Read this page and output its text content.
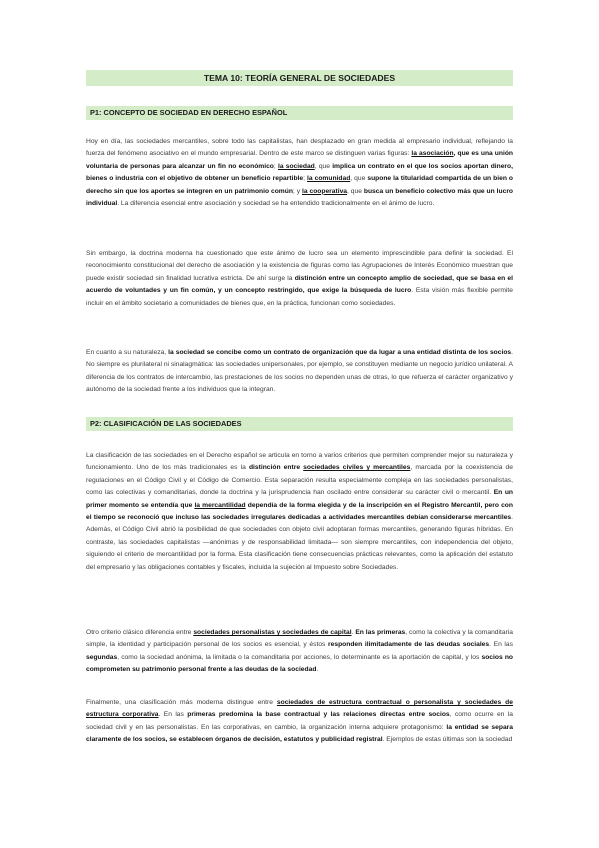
TEMA 10: TEORÍA GENERAL DE SOCIEDADES
P1: CONCEPTO DE SOCIEDAD EN DERECHO ESPAÑOL

Hoy en día, las sociedades mercantiles, sobre todo las capitalistas, han desplazado en gran medida al empresario individual, reflejando la fuerza del fenómeno asociativo en el mundo empresarial. Dentro de este marco se distinguen varias figuras: la asociación, que es una unión voluntaria de personas para alcanzar un fin no económico; la sociedad, que implica un contrato en el que los socios aportan dinero, bienes o industria con el objetivo de obtener un beneficio repartible; la comunidad, que supone la titularidad compartida de un bien o derecho sin que los aportes se integren en un patrimonio común; y la cooperativa, que busca un beneficio colectivo más que un lucro individual. La diferencia esencial entre asociación y sociedad se ha entendido tradicionalmente en el ánimo de lucro.

Sin embargo, la doctrina moderna ha cuestionado que este ánimo de lucro sea un elemento imprescindible para definir la sociedad. El reconocimiento constitucional del derecho de asociación y la existencia de figuras como las Agrupaciones de Interés Económico muestran que puede existir sociedad sin finalidad lucrativa estricta. De ahí surge la distinción entre un concepto amplio de sociedad, que se basa en el acuerdo de voluntades y un fin común, y un concepto restringido, que exige la búsqueda de lucro. Esta visión más flexible permite incluir en el ámbito societario a comunidades de bienes que, en la práctica, funcionan como sociedades.

En cuanto a su naturaleza, la sociedad se concibe como un contrato de organización que da lugar a una entidad distinta de los socios. No siempre es plurilateral ni sinalagmática: las sociedades unipersonales, por ejemplo, se constituyen mediante un negocio jurídico unilateral. A diferencia de los contratos de intercambio, las prestaciones de los socios no dependen unas de otras, lo que refuerza el carácter organizativo y autónomo de la sociedad frente a los individuos que la integran.

P2: CLASIFICACIÓN DE LAS SOCIEDADES

La clasificación de las sociedades en el Derecho español se articula en torno a varios criterios que permiten comprender mejor su naturaleza y funcionamiento. Uno de los más tradicionales es la distinción entre sociedades civiles y mercantiles, marcada por la coexistencia de regulaciones en el Código Civil y el Código de Comercio. Esta separación resulta especialmente compleja en las sociedades personalistas, como las colectivas y comanditarias, donde la doctrina y la jurisprudencia han oscilado entre considerar su carácter civil o mercantil. En un primer momento se entendía que la mercantilidad dependía de la forma elegida y de la inscripción en el Registro Mercantil, pero con el tiempo se reconoció que incluso las sociedades irregulares dedicadas a actividades mercantiles debían considerarse mercantiles. Además, el Código Civil abrió la posibilidad de que sociedades con objeto civil adoptaran formas mercantiles, generando figuras híbridas. En contraste, las sociedades capitalistas —anónimas y de responsabilidad limitada— son siempre mercantiles, con independencia del objeto, siguiendo el criterio de mercantilidad por la forma. Esta clasificación tiene consecuencias prácticas relevantes, como la aplicación del estatuto del empresario y las obligaciones contables y fiscales, incluida la sujeción al Impuesto sobre Sociedades.

Otro criterio clásico diferencia entre sociedades personalistas y sociedades de capital. En las primeras, como la colectiva y la comanditaria simple, la identidad y participación personal de los socios es esencial, y éstos responden ilimitadamente de las deudas sociales. En las segundas, como la sociedad anónima, la limitada o la comanditaria por acciones, lo determinante es la aportación de capital, y los socios no comprometen su patrimonio personal frente a las deudas de la sociedad.

Finalmente, una clasificación más moderna distingue entre sociedades de estructura contractual o personalista y sociedades de estructura corporativa. En las primeras predomina la base contractual y las relaciones directas entre socios, como ocurre en la sociedad civil y en las personalistas. En las corporativas, en cambio, la organización interna adquiere protagonismo: la entidad se separa claramente de los socios, se establecen órganos de decisión, estatutos y publicidad registral. Ejemplos de estas últimas son la sociedad
